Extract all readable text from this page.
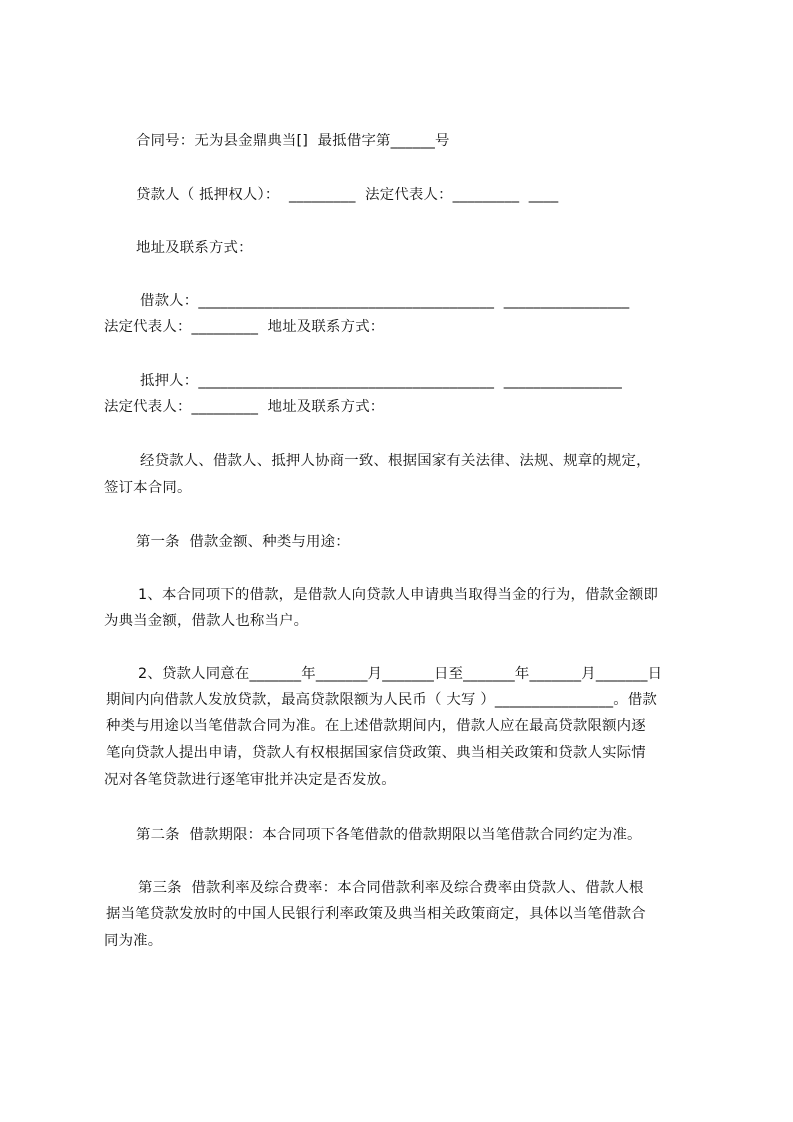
合同号：无为县金鼎典当[]  最抵借字第______号
贷款人（ 抵押权人）：  _________  法定代表人：_________  ____
地址及联系方式：
借款人：________________________________________  _________________
法定代表人：_________  地址及联系方式：
抵押人：________________________________________  ________________
法定代表人：_________  地址及联系方式：
经贷款人、借款人、抵押人协商一致、根据国家有关法律、法规、规章的规定，
签订本合同。
第一条  借款金额、种类与用途：
1、本合同项下的借款，是借款人向贷款人申请典当取得当金的行为，借款金额即
为典当金额，借款人也称当户。
2、贷款人同意在_______年_______月_______日至_______年_______月_______日
期间内向借款人发放贷款，最高贷款限额为人民币（ 大写 ）________________。借款
种类与用途以当笔借款合同为准。在上述借款期间内，借款人应在最高贷款限额内逐
笔向贷款人提出申请，贷款人有权根据国家信贷政策、典当相关政策和贷款人实际情
况对各笔贷款进行逐笔审批并决定是否发放。
第二条  借款期限：本合同项下各笔借款的借款期限以当笔借款合同约定为准。
第三条  借款利率及综合费率：本合同借款利率及综合费率由贷款人、借款人根
据当笔贷款发放时的中国人民银行利率政策及典当相关政策商定，具体以当笔借款合
同为准。
